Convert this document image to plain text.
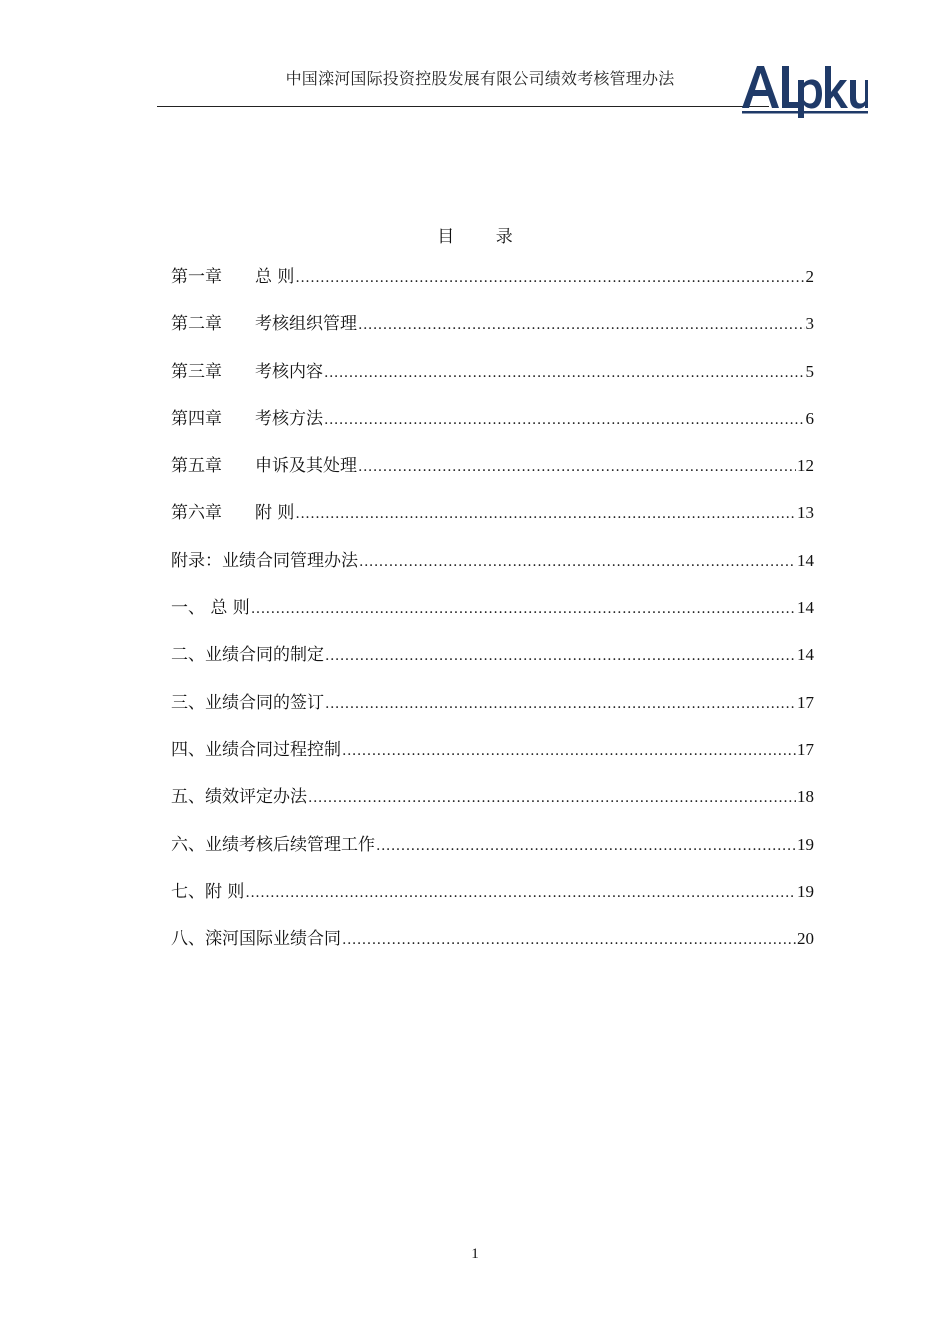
中国滦河国际投资控股发展有限公司绩效考核管理办法
目 录
第一章	总 则 .....	2
第二章	考核组织管理 .....	3
第三章	考核内容 .....	5
第四章	考核方法 .....	6
第五章	申诉及其处理 .....	12
第六章	附 则 .....	13
附录：业绩合同管理办法 .....	14
一、 总 则 .....	14
二、业绩合同的制定 .....	14
三、业绩合同的签订 .....	17
四、业绩合同过程控制 .....	17
五、绩效评定办法 .....	18
六、业绩考核后续管理工作 .....	19
七、附 则 .....	19
八、滦河国际业绩合同 .....	20
1
